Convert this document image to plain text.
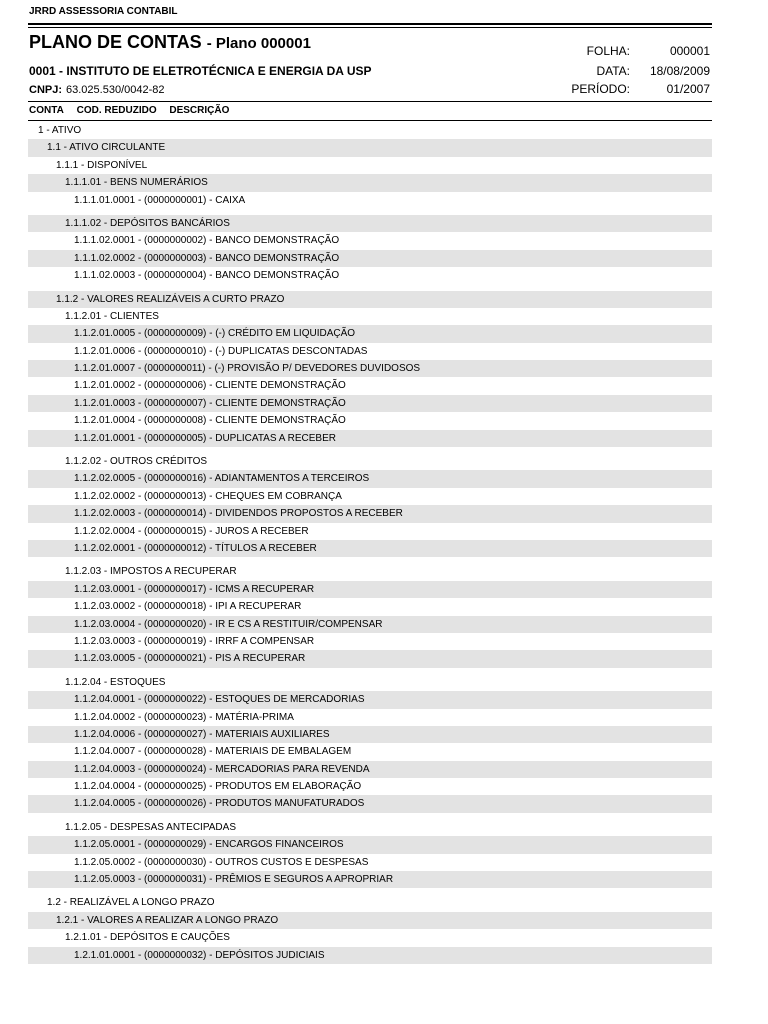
JRRD ASSESSORIA CONTABIL
PLANO DE CONTAS - Plano 000001
0001 - INSTITUTO DE ELETROTÉCNICA E ENERGIA DA USP
CNPJ: 63.025.530/0042-82
FOLHA:	000001
DATA: 18/08/2009
PERÍODO:	01/2007
CONTA COD. REDUZIDO DESCRIÇÃO
1 - ATIVO
1.1 - ATIVO CIRCULANTE
1.1.1 - DISPONÍVEL
1.1.1.01 - BENS NUMERÁRIOS
1.1.1.01.0001 - (0000000001) - CAIXA
1.1.1.02 - DEPÓSITOS BANCÁRIOS
1.1.1.02.0001 - (0000000002) - BANCO DEMONSTRAÇÃO
1.1.1.02.0002 - (0000000003) - BANCO DEMONSTRAÇÃO
1.1.1.02.0003 - (0000000004) - BANCO DEMONSTRAÇÃO
1.1.2 - VALORES REALIZÁVEIS A CURTO PRAZO
1.1.2.01 - CLIENTES
1.1.2.01.0005 - (0000000009) - (-) CRÉDITO EM LIQUIDAÇÃO
1.1.2.01.0006 - (0000000010) - (-) DUPLICATAS DESCONTADAS
1.1.2.01.0007 - (0000000011) - (-) PROVISÃO P/ DEVEDORES DUVIDOSOS
1.1.2.01.0002 - (0000000006) - CLIENTE DEMONSTRAÇÃO
1.1.2.01.0003 - (0000000007) - CLIENTE DEMONSTRAÇÃO
1.1.2.01.0004 - (0000000008) - CLIENTE DEMONSTRAÇÃO
1.1.2.01.0001 - (0000000005) - DUPLICATAS A RECEBER
1.1.2.02 - OUTROS CRÉDITOS
1.1.2.02.0005 - (0000000016) - ADIANTAMENTOS A TERCEIROS
1.1.2.02.0002 - (0000000013) - CHEQUES EM COBRANÇA
1.1.2.02.0003 - (0000000014) - DIVIDENDOS PROPOSTOS A RECEBER
1.1.2.02.0004 - (0000000015) - JUROS A RECEBER
1.1.2.02.0001 - (0000000012) - TÍTULOS A RECEBER
1.1.2.03 - IMPOSTOS A RECUPERAR
1.1.2.03.0001 - (0000000017) - ICMS A RECUPERAR
1.1.2.03.0002 - (0000000018) - IPI A RECUPERAR
1.1.2.03.0004 - (0000000020) - IR E CS A RESTITUIR/COMPENSAR
1.1.2.03.0003 - (0000000019) - IRRF A COMPENSAR
1.1.2.03.0005 - (0000000021) - PIS A RECUPERAR
1.1.2.04 - ESTOQUES
1.1.2.04.0001 - (0000000022) - ESTOQUES DE MERCADORIAS
1.1.2.04.0002 - (0000000023) - MATÉRIA-PRIMA
1.1.2.04.0006 - (0000000027) - MATERIAIS AUXILIARES
1.1.2.04.0007 - (0000000028) - MATERIAIS DE EMBALAGEM
1.1.2.04.0003 - (0000000024) - MERCADORIAS PARA REVENDA
1.1.2.04.0004 - (0000000025) - PRODUTOS EM ELABORAÇÃO
1.1.2.04.0005 - (0000000026) - PRODUTOS MANUFATURADOS
1.1.2.05 - DESPESAS ANTECIPADAS
1.1.2.05.0001 - (0000000029) - ENCARGOS FINANCEIROS
1.1.2.05.0002 - (0000000030) - OUTROS CUSTOS E DESPESAS
1.1.2.05.0003 - (0000000031) - PRÊMIOS E SEGUROS A APROPRIAR
1.2 - REALIZÁVEL A LONGO PRAZO
1.2.1 - VALORES A REALIZAR A LONGO PRAZO
1.2.1.01 - DEPÓSITOS E CAUÇÕES
1.2.1.01.0001 - (0000000032) - DEPÓSITOS JUDICIAIS
